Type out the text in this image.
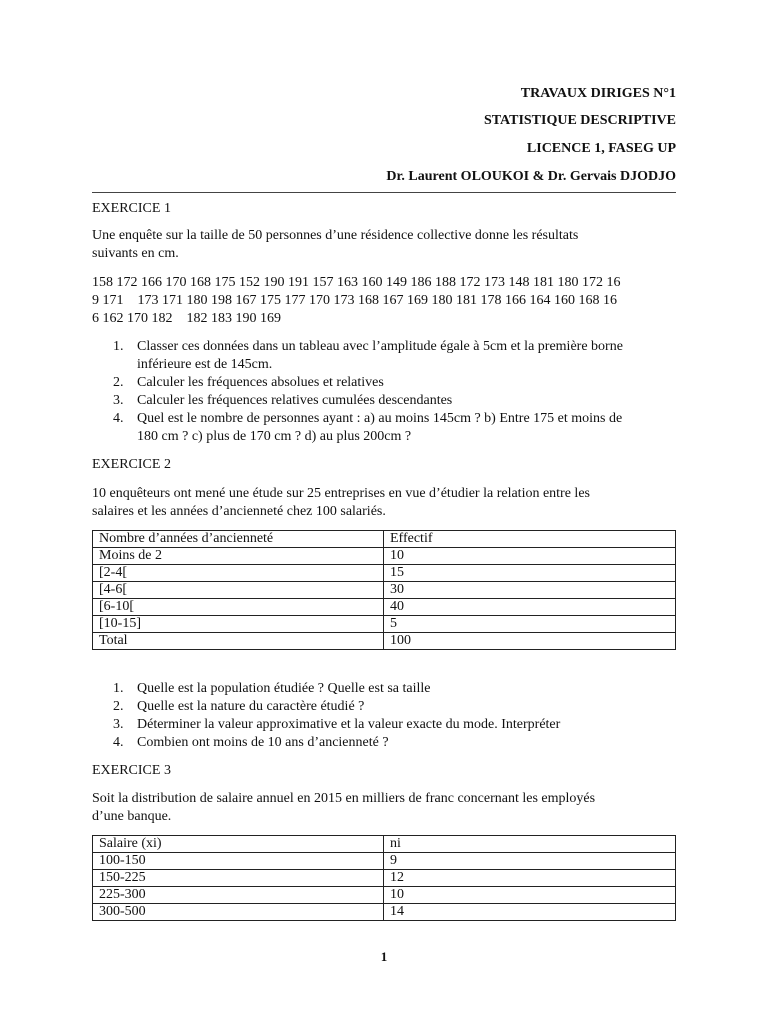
TRAVAUX DIRIGES N°1
STATISTIQUE DESCRIPTIVE
LICENCE 1, FASEG UP
Dr. Laurent OLOUKOI & Dr. Gervais DJODJO
EXERCICE 1
Une enquête sur la taille de 50 personnes d’une résidence collective donne les résultats
suivants en cm.
158 172 166 170 168 175 152 190 191 157 163 160 149 186 188 172 173 148 181 180 172 16
9 171    173 171 180 198 167 175 177 170 173 168 167 169 180 181 178 166 164 160 168 16
6 162 170 182    182 183 190 169
1. Classer ces données dans un tableau avec l’amplitude égale à 5cm et la première borne
inférieure est de 145cm.
2. Calculer les fréquences absolues et relatives
3. Calculer les fréquences relatives cumulées descendantes
4. Quel est le nombre de personnes ayant : a) au moins 145cm ? b) Entre 175 et moins de
180 cm ? c) plus de 170 cm ? d) au plus 200cm ?
EXERCICE 2
10 enquêteurs ont mené une étude sur 25 entreprises en vue d’étudier la relation entre les
salaires et les années d’ancienneté chez 100 salariés.
Nombre d’années d’ancienneté	Effectif
Moins de 2	10
[2-4[	15
[4-6[	30
[6-10[	40
[10-15]	5
Total	100
1. Quelle est la population étudiée ? Quelle est sa taille
2. Quelle est la nature du caractère étudié ?
3. Déterminer la valeur approximative et la valeur exacte du mode. Interpréter
4. Combien ont moins de 10 ans d’ancienneté ?
EXERCICE 3
Soit la distribution de salaire annuel en 2015 en milliers de franc concernant les employés
d’une banque.
Salaire (xi)	ni
100-150	9
150-225	12
225-300	10
300-500	14
1
